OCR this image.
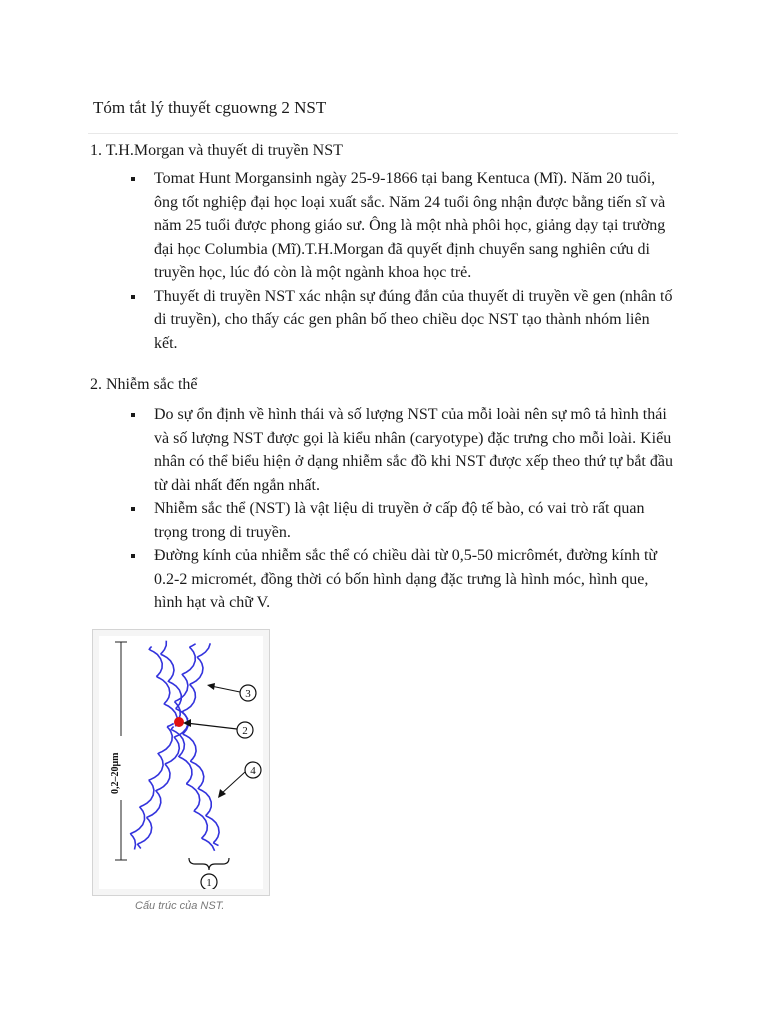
Tóm tắt lý thuyết cguowng 2 NST
1. T.H.Morgan và thuyết di truyền NST
Tomat Hunt Morgansinh ngày 25-9-1866 tại bang Kentuca (Mĩ). Năm 20 tuổi, ông tốt nghiệp đại học loại xuất sắc. Năm 24 tuổi ông nhận được bằng tiến sĩ và năm 25 tuổi được phong giáo sư. Ông là một nhà phôi học, giảng dạy tại trường đại học Columbia (Mĩ).T.H.Morgan đã quyết định chuyển sang nghiên cứu di truyền học, lúc đó còn là một ngành khoa học trẻ.
Thuyết di truyền NST xác nhận sự đúng đắn của thuyết di truyền về gen (nhân tố di truyền), cho thấy các gen phân bố theo chiều dọc NST tạo thành nhóm liên kết.
2. Nhiễm sắc thể
Do sự ổn định về hình thái và số lượng NST của mỗi loài nên sự mô tả hình thái và số lượng NST được gọi là kiểu nhân (caryotype) đặc trưng cho mỗi loài. Kiểu nhân có thể biểu hiện ở dạng nhiễm sắc đồ khi NST được xếp theo thứ tự bắt đầu từ dài nhất đến ngắn nhất.
Nhiễm sắc thể (NST) là vật liệu di truyền ở cấp độ tế bào, có vai trò rất quan trọng trong di truyền.
Đường kính của nhiễm sắc thể có chiều dài từ 0,5-50 micrômét, đường kính từ 0.2-2 micromét, đồng thời có bốn hình dạng đặc trưng là hình móc, hình que, hình hạt và chữ V.
0,2–20μm
3
2
4
1
Cấu trúc của NST.
